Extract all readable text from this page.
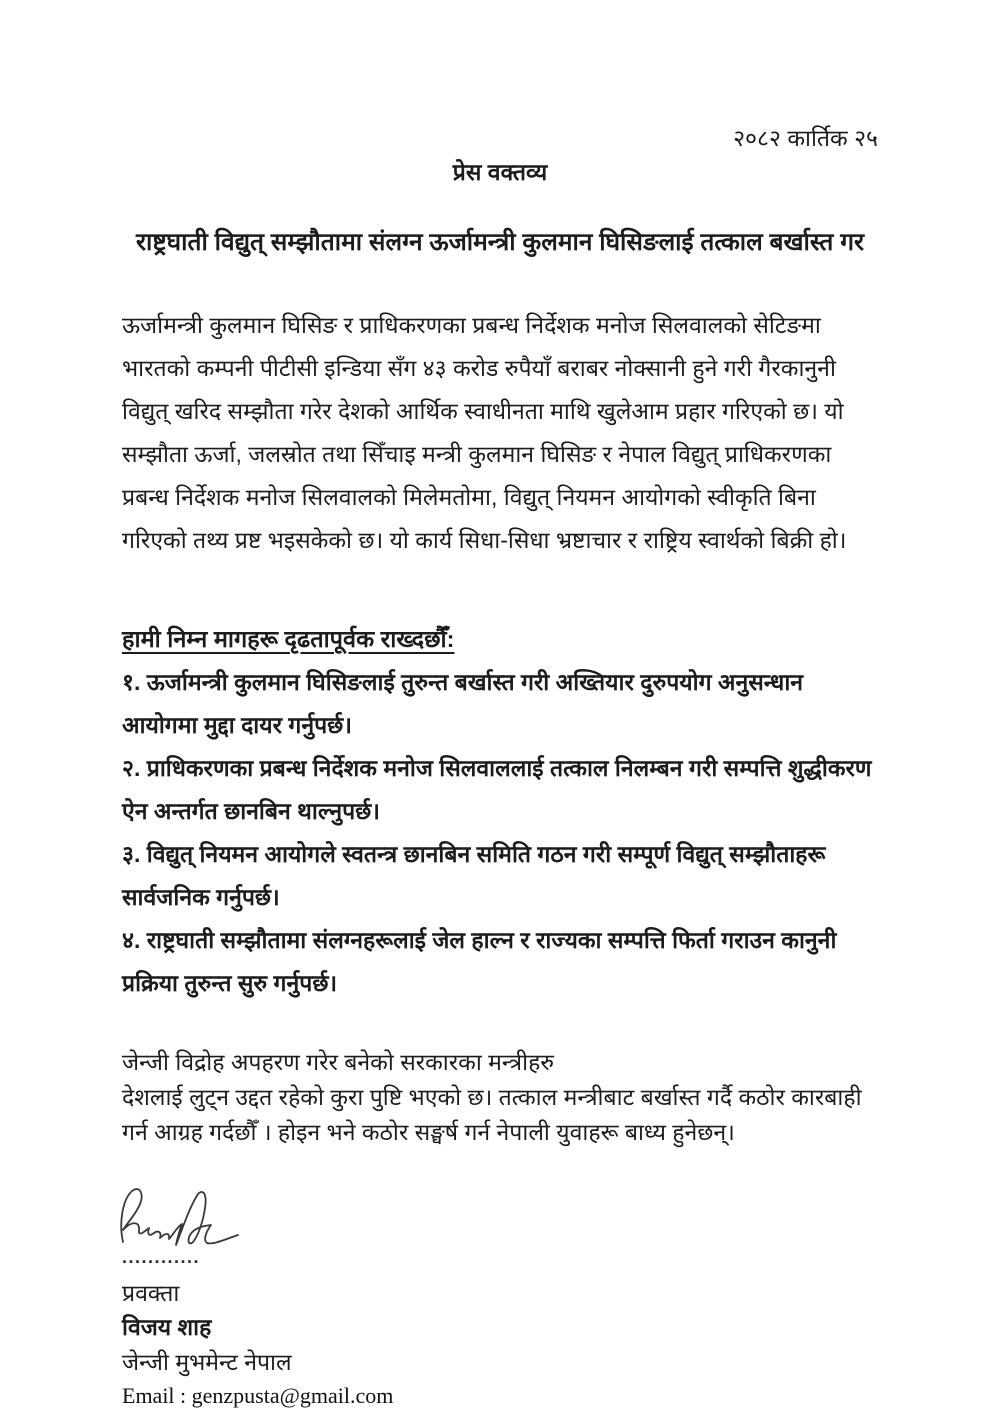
२०८२ कार्तिक २५
प्रेस वक्तव्य
राष्ट्रघाती विद्युत् सम्झौतामा संलग्न ऊर्जामन्त्री कुलमान घिसिङलाई तत्काल बर्खास्त गर

ऊर्जामन्त्री कुलमान घिसिङ र प्राधिकरणका प्रबन्ध निर्देशक मनोज सिलवालको सेटिङमा भारतको कम्पनी पीटीसी इन्डिया सँग ४३ करोड रुपैयाँ बराबर नोक्सानी हुने गरी गैरकानुनी विद्युत् खरिद सम्झौता गरेर देशको आर्थिक स्वाधीनता माथि खुलेआम प्रहार गरिएको छ। यो सम्झौता ऊर्जा, जलस्रोत तथा सिँचाइ मन्त्री कुलमान घिसिङ र नेपाल विद्युत् प्राधिकरणका प्रबन्ध निर्देशक मनोज सिलवालको मिलेमतोमा, विद्युत् नियमन आयोगको स्वीकृति बिना गरिएको तथ्य प्रष्ट भइसकेको छ। यो कार्य सिधा-सिधा भ्रष्टाचार र राष्ट्रिय स्वार्थको बिक्री हो।

हामी निम्न मागहरू दृढतापूर्वक राख्दछौँ:
१. ऊर्जामन्त्री कुलमान घिसिङलाई तुरुन्त बर्खास्त गरी अख्तियार दुरुपयोग अनुसन्धान आयोगमा मुद्दा दायर गर्नुपर्छ।
२. प्राधिकरणका प्रबन्ध निर्देशक मनोज सिलवाललाई तत्काल निलम्बन गरी सम्पत्ति शुद्धीकरण ऐन अन्तर्गत छानबिन थाल्नुपर्छ।
३. विद्युत् नियमन आयोगले स्वतन्त्र छानबिन समिति गठन गरी सम्पूर्ण विद्युत् सम्झौताहरू सार्वजनिक गर्नुपर्छ।
४. राष्ट्रघाती सम्झौतामा संलग्नहरूलाई जेल हाल्न र राज्यका सम्पत्ति फिर्ता गराउन कानुनी प्रक्रिया तुरुन्त सुरु गर्नुपर्छ।

जेन्जी विद्रोह अपहरण गरेर बनेको सरकारका मन्त्रीहरु
देशलाई लुट्न उद्दत रहेको कुरा पुष्टि भएको छ। तत्काल मन्त्रीबाट बर्खास्त गर्दै कठोर कारबाही गर्न आग्रह गर्दछौँ । होइन भने कठोर सङ्घर्ष गर्न नेपाली युवाहरू बाध्य हुनेछन्।

............
प्रवक्ता
विजय शाह
जेन्जी मुभमेन्ट नेपाल
Email : genzpusta@gmail.com
